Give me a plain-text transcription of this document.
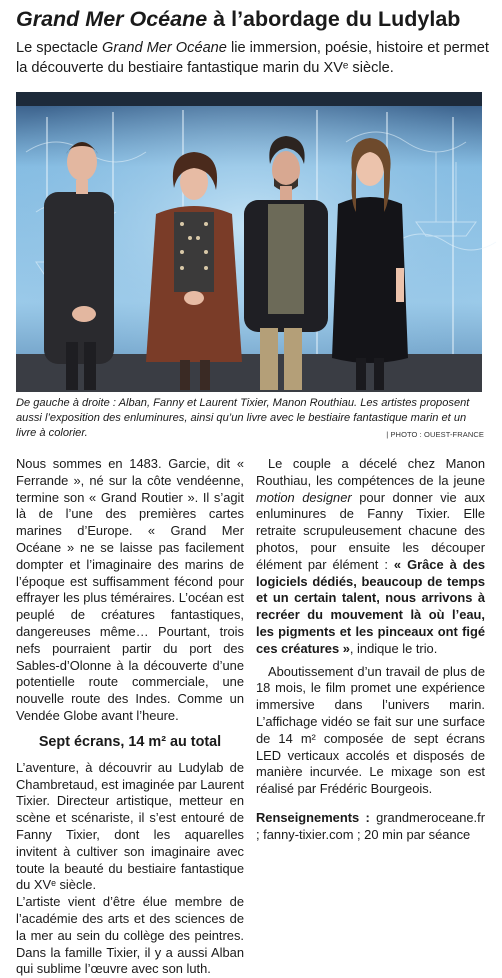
Grand Mer Océane à l’abordage du Ludylab
Le spectacle Grand Mer Océane lie immersion, poésie, histoire et permet la découverte du bestiaire fantastique marin du XVᵉ siècle.
De gauche à droite : Alban, Fanny et Laurent Tixier, Manon Routhiau. Les artistes proposent aussi l’exposition des enluminures, ainsi qu’un livre avec le bestiaire fantastique marin et un livre à colorier.	| PHOTO : OUEST-FRANCE

Nous sommes en 1483. Garcie, dit « Ferrande », né sur la côte vendéenne, termine son « Grand Routier ». Il s’agit là de l’une des premières cartes marines d’Europe. « Grand Mer Océane » ne se laisse pas facilement dompter et l’imaginaire des marins de l’époque est suffisamment fécond pour effrayer les plus téméraires. L’océan est peuplé de créatures fantastiques, dangereuses même… Pourtant, trois nefs pourraient partir du port des Sables-d’Olonne à la découverte d’une potentielle route commerciale, une nouvelle route des Indes. Comme un Vendée Globe avant l’heure.

Sept écrans, 14 m² au total

L’aventure, à découvrir au Ludylab de Chambretaud, est imaginée par Laurent Tixier. Directeur artistique, metteur en scène et scénariste, il s’est entouré de Fanny Tixier, dont les aquarelles invitent à cultiver son imaginaire avec toute la beauté du bestiaire fantastique du XVᵉ siècle.

L’artiste vient d’être élue membre de l’académie des arts et des sciences de la mer au sein du collège des peintres. Dans la famille Tixier, il y a aussi Alban qui sublime l’œuvre avec son luth.

Le couple a décelé chez Manon Routhiau, les compétences de la jeune motion designer pour donner vie aux enluminures de Fanny Tixier. Elle retraite scrupuleusement chacune des photos, pour ensuite les découper élément par élément : « Grâce à des logiciels dédiés, beaucoup de temps et un certain talent, nous arrivons à recréer du mouvement là où l’eau, les pigments et les pinceaux ont figé ces créatures », indique le trio.

Aboutissement d’un travail de plus de 18 mois, le film promet une expérience immersive dans l’univers marin. L’affichage vidéo se fait sur une surface de 14 m² composée de sept écrans LED verticaux accolés et disposés de manière incurvée. Le mixage son est réalisé par Frédéric Bourgeois.

Renseignements : grandmeroceane.fr ; fanny-tixier.com ; 20 min par séance
